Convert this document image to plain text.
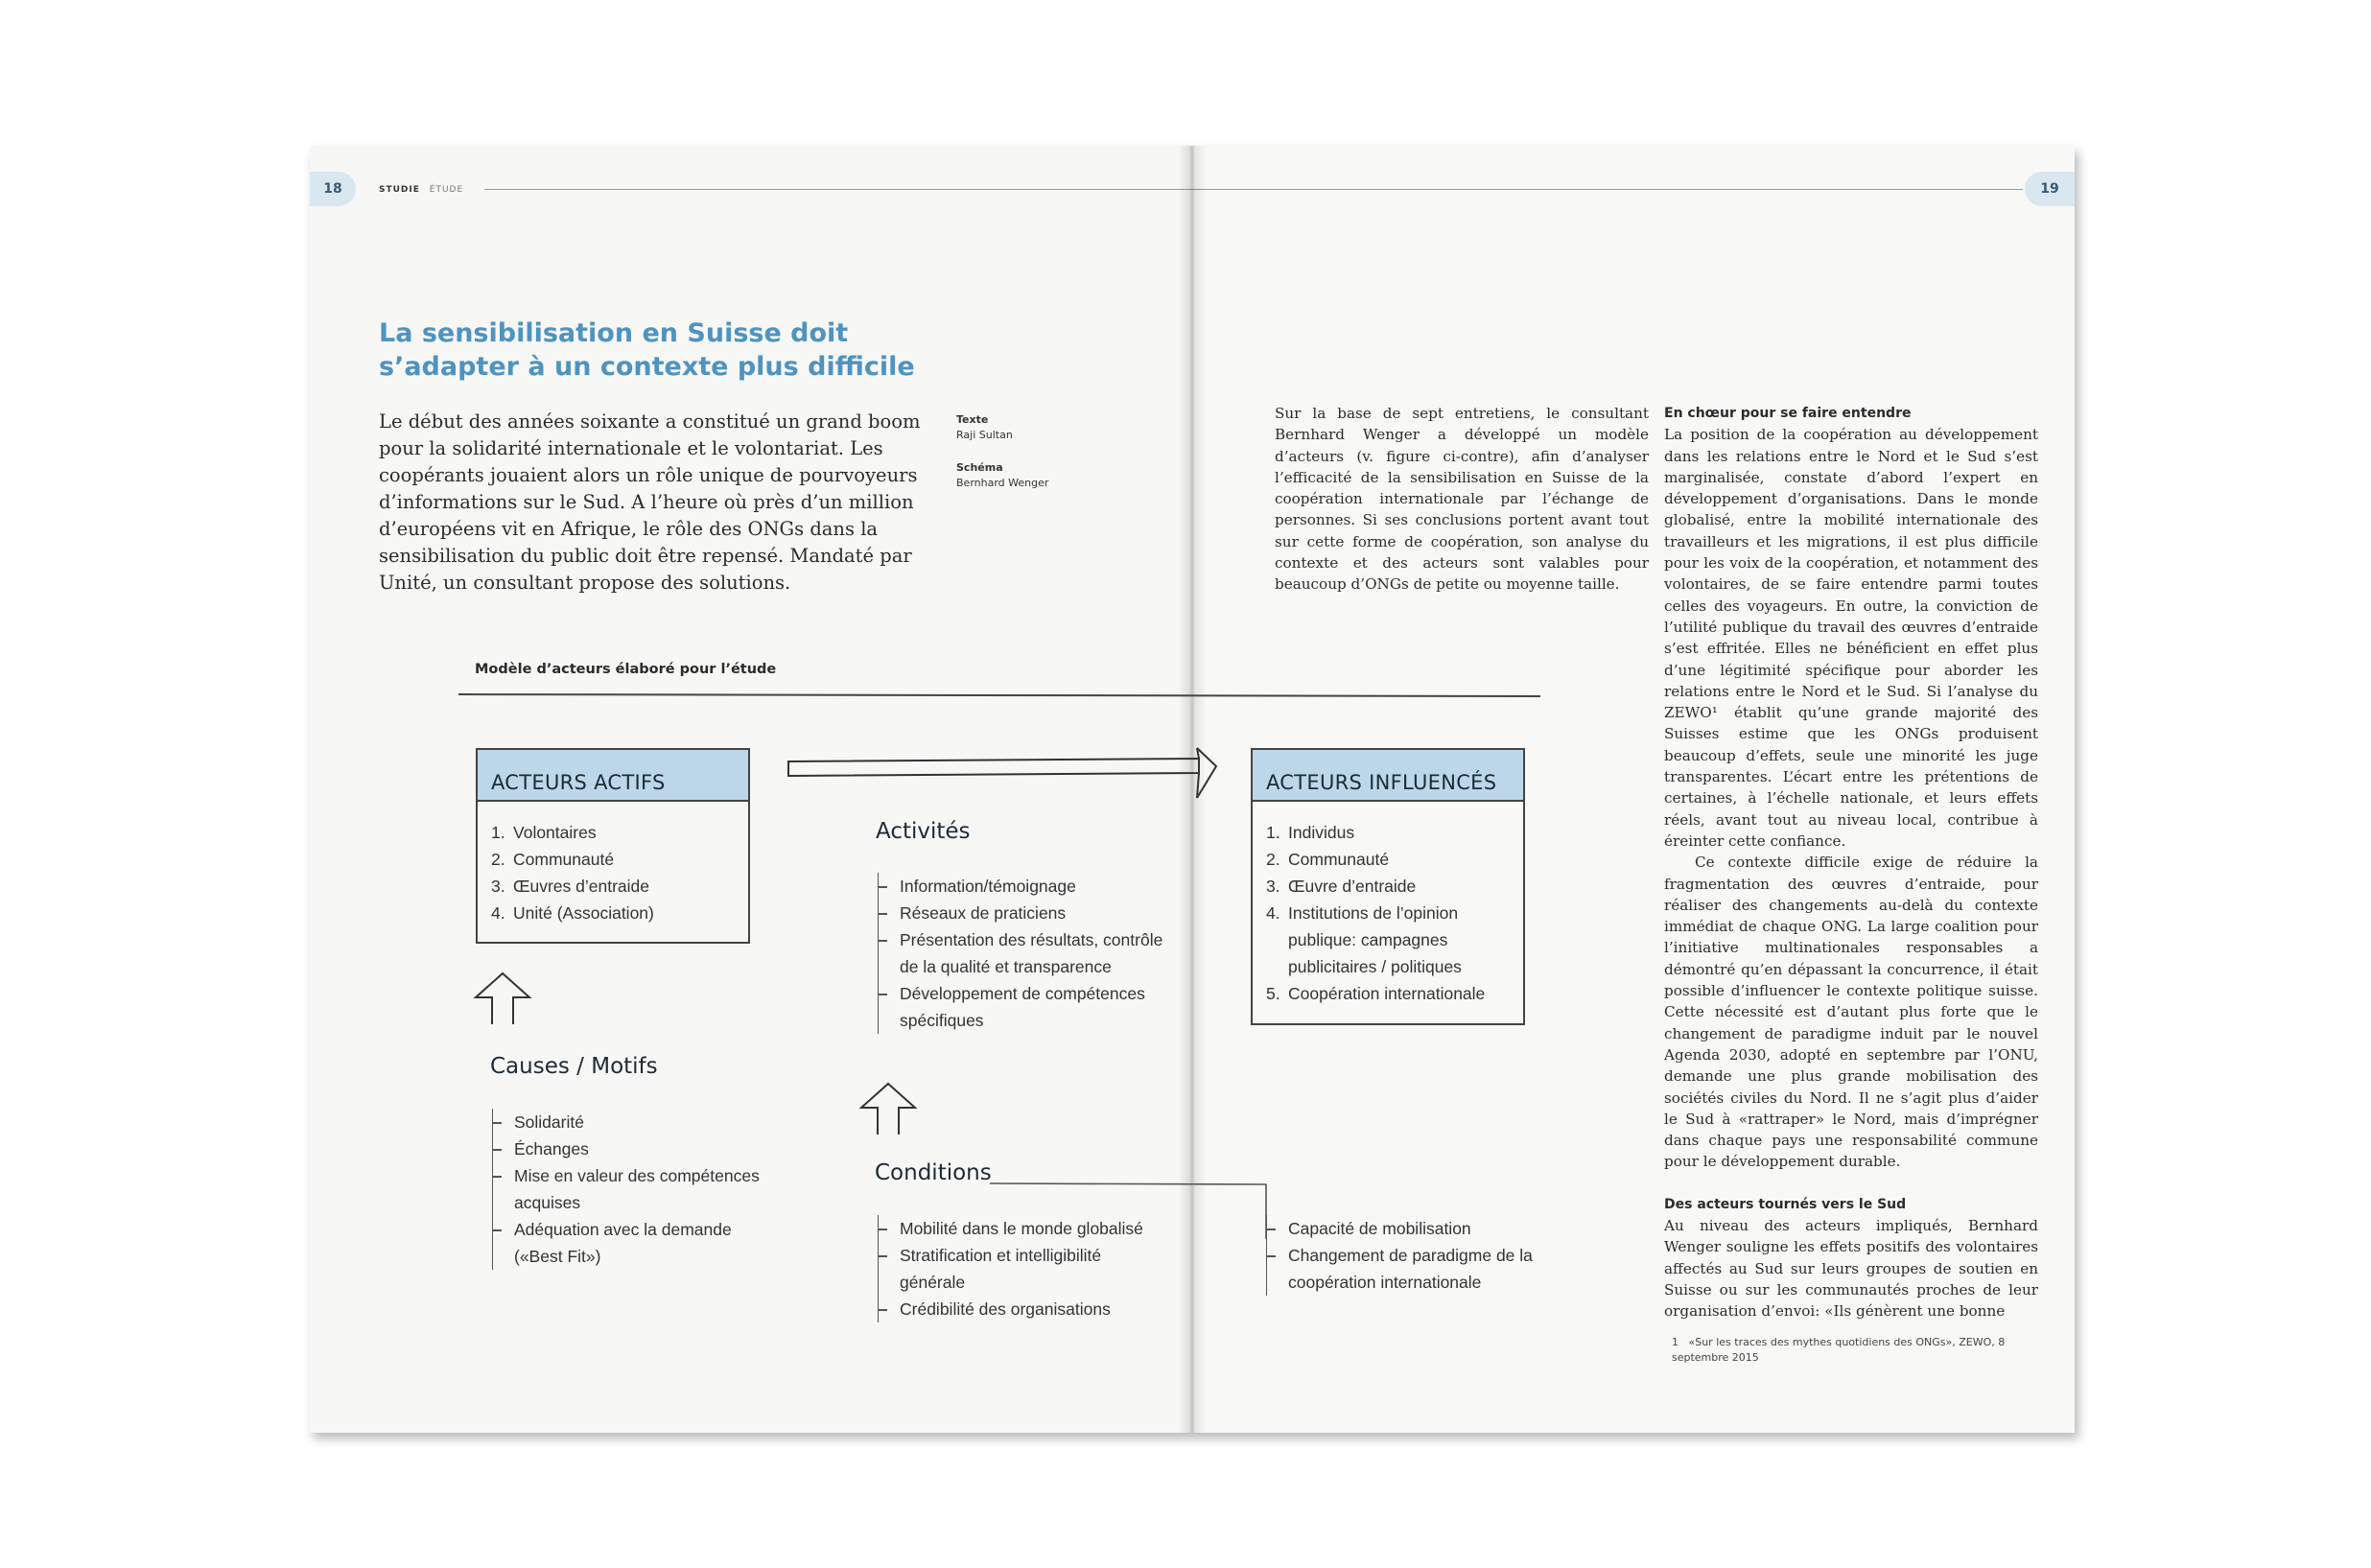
18	STUDIE ÉTUDE
La sensibilisation en Suisse doit s’adapter à un contexte plus difficile
Le début des années soixante a constitué un grand boom pour la solidarité internationale et le volontariat. Les coopérants jouaient alors un rôle unique de pourvoyeurs d’informations sur le Sud. A l’heure où près d’un million d’européens vit en Afrique, le rôle des ONGs dans la sensibilisation du public doit être repensé. Mandaté par Unité, un consultant propose des solutions.
Texte
Raji Sultan
Schéma
Bernhard Wenger
Modèle d’acteurs élaboré pour l’étude
19

Sur la base de sept entretiens, le consultant Bernhard Wenger a développé un modèle d’acteurs (v. figure ci-contre), afin d’analyser l’efficacité de la sensibilisation en Suisse de la coopération internationale par l’échange de personnes. Si ses conclusions portent avant tout sur cette forme de coopération, son analyse du contexte et des acteurs sont valables pour beaucoup d’ONGs de petite ou moyenne taille.

En chœur pour se faire entendre

La position de la coopération au développement dans les relations entre le Nord et le Sud s’est marginalisée, constate d’abord l’expert en développement d’organisations. Dans le monde globalisé, entre la mobilité internationale des travailleurs et les migrations, il est plus difficile pour les voix de la coopération, et notamment des volontaires, de se faire entendre parmi toutes celles des voyageurs. En outre, la conviction de l’utilité publique du travail des œuvres d’entraide s’est effritée. Elles ne bénéficient en effet plus d’une légitimité spécifique pour aborder les relations entre le Nord et le Sud. Si l’analyse du ZEWO¹ établit qu’une grande majorité des Suisses estime que les ONGs produisent beaucoup d’effets, seule une minorité les juge transparentes. L’écart entre les prétentions de certaines, à l’échelle nationale, et leurs effets réels, avant tout au niveau local, contribue à éreinter cette confiance.

Ce contexte difficile exige de réduire la fragmentation des œuvres d’entraide, pour réaliser des changements au-delà du contexte immédiat de chaque ONG. La large coalition pour l’initiative multinationales responsables a démontré qu’en dépassant la concurrence, il était possible d’influencer le contexte politique suisse. Cette nécessité est d’autant plus forte que le changement de paradigme induit par le nouvel Agenda 2030, adopté en septembre par l’ONU, demande une plus grande mobilisation des sociétés civiles du Nord. Il ne s’agit plus d’aider le Sud à «rattraper» le Nord, mais d’imprégner dans chaque pays une responsabilité commune pour le développement durable.

Des acteurs tournés vers le Sud

Au niveau des acteurs impliqués, Bernhard Wenger souligne les effets positifs des volontaires affectés au Sud sur leurs groupes de soutien en Suisse ou sur les communautés proches de leur organisation d’envoi: «Ils génèrent une bonne

1 «Sur les traces des mythes quotidiens des ONGs», ZEWO, 8 septembre 2015
ACTEURS ACTIFS
1. Volontaires
2. Communauté
3. Œuvres d’entraide
4. Unité (Association)
ACTEURS INFLUENCÉS
1. Individus
2. Communauté
3. Œuvre d’entraide
4. Institutions de l’opinion publique: campagnes publicitaires / politiques
5. Coopération internationale
Activités
Information/témoignage
Réseaux de praticiens
Présentation des résultats, contrôle de la qualité et transparence
Développement de compétences spécifiques
Causes / Motifs
Solidarité
Échanges
Mise en valeur des compétences acquises
Adéquation avec la demande («Best Fit»)
Conditions
Mobilité dans le monde globalisé
Stratification et intelligibilité générale
Crédibilité des organisations
Capacité de mobilisation
Changement de paradigme de la coopération internationale
